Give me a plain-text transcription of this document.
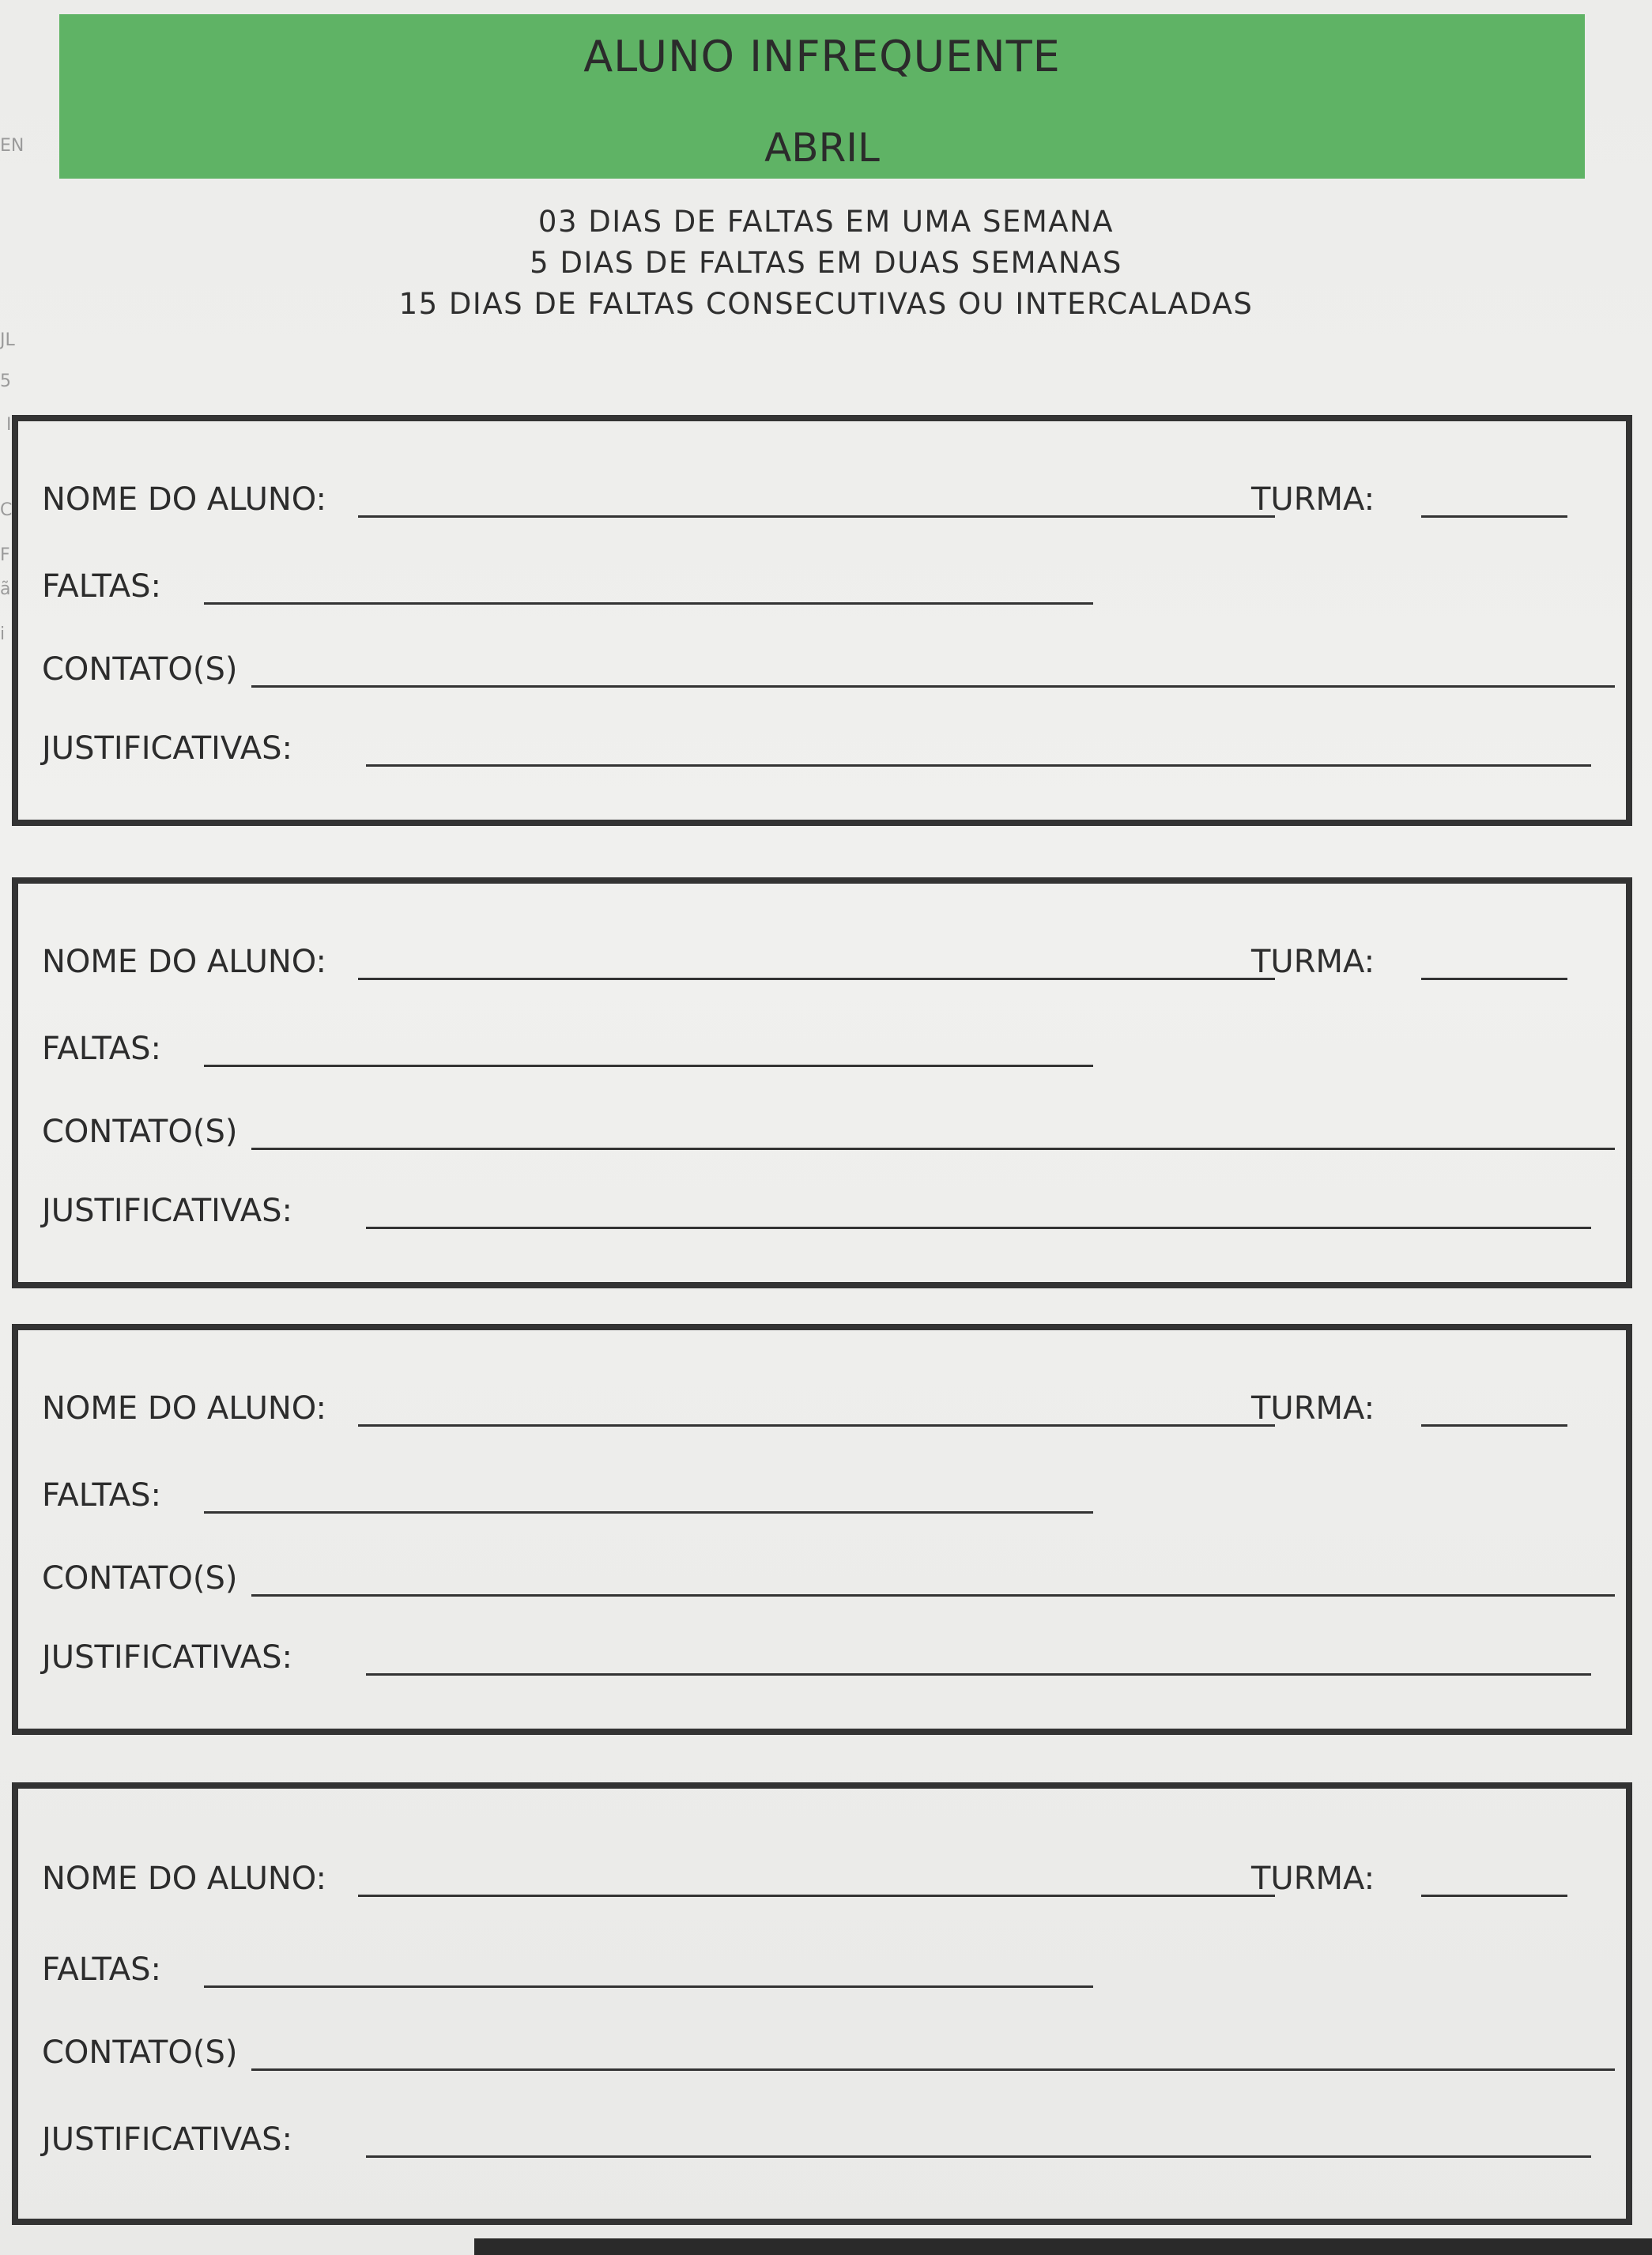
EN
JL
5
I
C
F
ã
i
ALUNO INFREQUENTE
ABRIL
03 DIAS DE FALTAS EM UMA SEMANA
5 DIAS DE FALTAS EM DUAS SEMANAS
15 DIAS DE FALTAS CONSECUTIVAS OU INTERCALADAS
NOME DO ALUNO:	TURMA:
FALTAS:
CONTATO(S)
JUSTIFICATIVAS:
NOME DO ALUNO:	TURMA:
FALTAS:
CONTATO(S)
JUSTIFICATIVAS:
NOME DO ALUNO:	TURMA:
FALTAS:
CONTATO(S)
JUSTIFICATIVAS:
NOME DO ALUNO:	TURMA:
FALTAS:
CONTATO(S)
JUSTIFICATIVAS:
